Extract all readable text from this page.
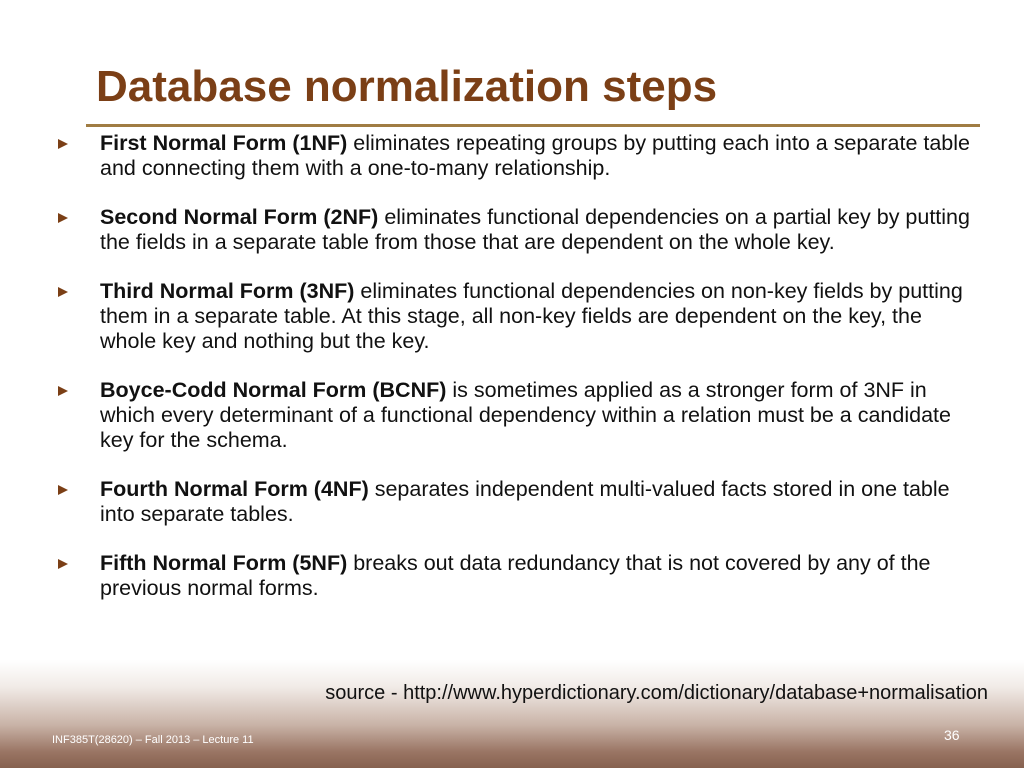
Database normalization steps
First Normal Form (1NF) eliminates repeating groups by putting each into a separate table and connecting them with a one-to-many relationship.
Second Normal Form (2NF) eliminates functional dependencies on a partial key by putting the fields in a separate table from those that are dependent on the whole key.
Third Normal Form (3NF) eliminates functional dependencies on non-key fields by putting them in a separate table. At this stage, all non-key fields are dependent on the key, the whole key and nothing but the key.
Boyce-Codd Normal Form (BCNF) is sometimes applied as a stronger form of 3NF in which every determinant of a functional dependency within a relation must be a candidate key for the schema.
Fourth Normal Form (4NF) separates independent multi-valued facts stored in one table into separate tables.
Fifth Normal Form (5NF) breaks out data redundancy that is not covered by any of the previous normal forms.
source - http://www.hyperdictionary.com/dictionary/database+normalisation
INF385T(28620) – Fall 2013 – Lecture 11	36
